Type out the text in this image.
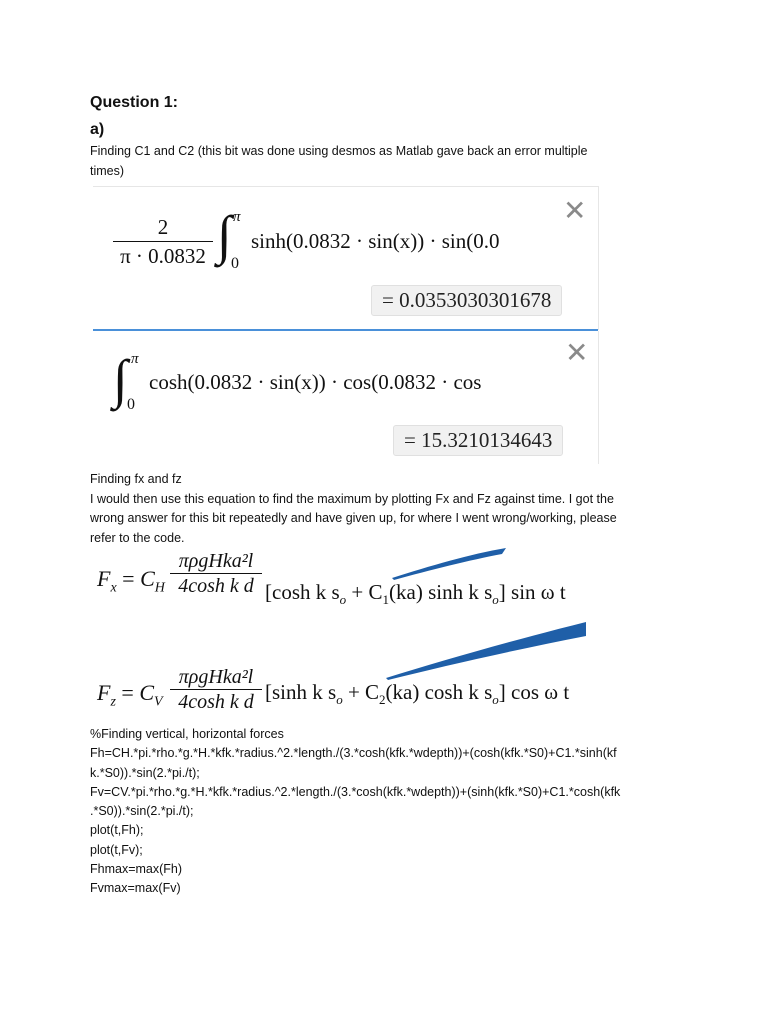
Question 1:
a)
Finding C1 and C2 (this bit was done using desmos as Matlab gave back an error multiple
times)
✕
2
π · 0.0832 ∫ π
0
sinh(0.0832 · sin(x)) · sin(0.0
= 0.0353030301678
✕
∫ π
0
cosh(0.0832 · sin(x)) · cos(0.0832 · cos
= 15.3210134643
Finding fx and fz
I would then use this equation to find the maximum by plotting Fx and Fz against time. I got the
wrong answer for this bit repeatedly and have given up, for where I went wrong/working, please
refer to the code.
$F_x = C_H$
πρgHka²l
4cosh k d [cosh k $s_o + C_1(ka)$ sinh k $s_o$] sin ω t
$F_z = C_V$
πρgHka²l
4cosh k d [sinh k $s_o + C_2(ka)$ cosh k $s_o$] cos ω t
%Finding vertical, horizontal forces
Fh=CH.*pi.*rho.*g.*H.*kfk.*radius.^2.*length./(3.*cosh(kfk.*wdepth))+(cosh(kfk.*S0)+C1.*sinh(kf
k.*S0)).*sin(2.*pi./t);
Fv=CV.*pi.*rho.*g.*H.*kfk.*radius.^2.*length./(3.*cosh(kfk.*wdepth))+(sinh(kfk.*S0)+C1.*cosh(kfk
.*S0)).*sin(2.*pi./t);
plot(t,Fh);
plot(t,Fv);
Fhmax=max(Fh)
Fvmax=max(Fv)
